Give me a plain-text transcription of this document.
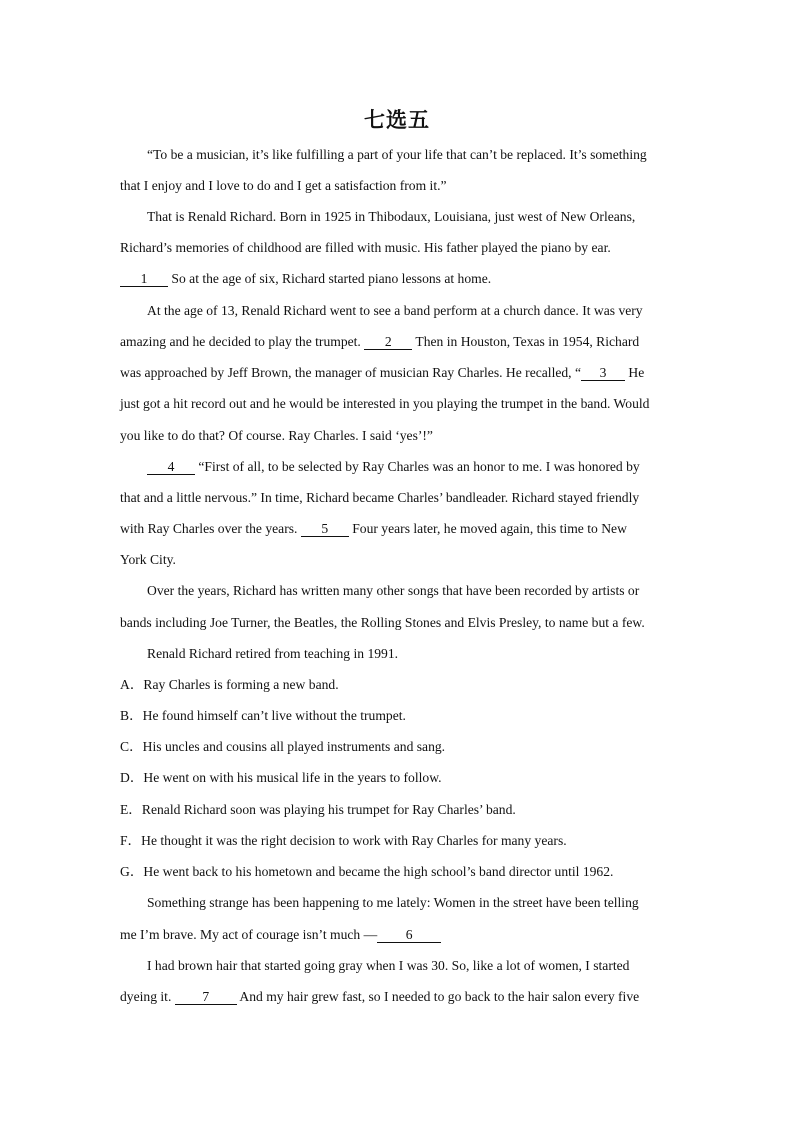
七选五
“To be a musician, it’s like fulfilling a part of your life that can’t be replaced. It’s something
that I enjoy and I love to do and I get a satisfaction from it.”
That is Renald Richard. Born in 1925 in Thibodaux, Louisiana, just west of New Orleans,
Richard’s memories of childhood are filled with music. His father played the piano by ear.
1 So at the age of six, Richard started piano lessons at home.
At the age of 13, Renald Richard went to see a band perform at a church dance. It was very
amazing and he decided to play the trumpet. 2 Then in Houston, Texas in 1954, Richard
was approached by Jeff Brown, the manager of musician Ray Charles. He recalled, “ 3 He
just got a hit record out and he would be interested in you playing the trumpet in the band. Would
you like to do that? Of course. Ray Charles. I said ‘yes’!”
4 “First of all, to be selected by Ray Charles was an honor to me. I was honored by
that and a little nervous.” In time, Richard became Charles’ bandleader. Richard stayed friendly
with Ray Charles over the years. 5 Four years later, he moved again, this time to New
York City.
Over the years, Richard has written many other songs that have been recorded by artists or
bands including Joe Turner, the Beatles, the Rolling Stones and Elvis Presley, to name but a few.
Renald Richard retired from teaching in 1991.
A．Ray Charles is forming a new band.
B．He found himself can’t live without the trumpet.
C．His uncles and cousins all played instruments and sang.
D．He went on with his musical life in the years to follow.
E．Renald Richard soon was playing his trumpet for Ray Charles’ band.
F．He thought it was the right decision to work with Ray Charles for many years.
G．He went back to his hometown and became the high school’s band director until 1962.
Something strange has been happening to me lately: Women in the street have been telling
me I’m brave. My act of courage isn’t much — 6
I had brown hair that started going gray when I was 30. So, like a lot of women, I started
dyeing it. 7 And my hair grew fast, so I needed to go back to the hair salon every five
